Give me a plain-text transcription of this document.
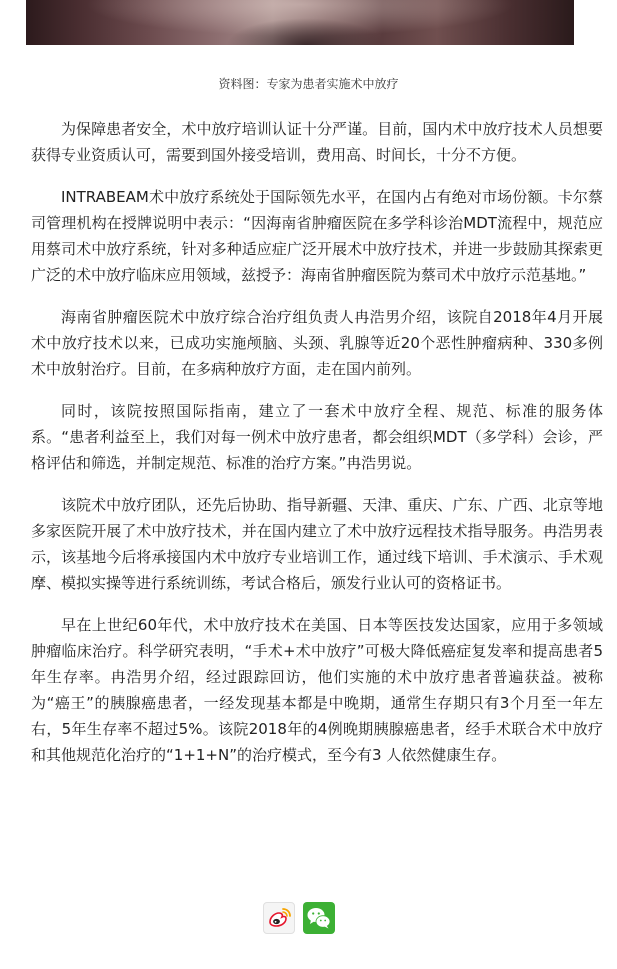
资料图：专家为患者实施术中放疗

为保障患者安全，术中放疗培训认证十分严谨。目前，国内术中放疗技术人员想要获得专业资质认可，需要到国外接受培训，费用高、时间长，十分不方便。

INTRABEAM术中放疗系统处于国际领先水平，在国内占有绝对市场份额。卡尔蔡司管理机构在授牌说明中表示：“因海南省肿瘤医院在多学科诊治MDT流程中，规范应用蔡司术中放疗系统，针对多种适应症广泛开展术中放疗技术，并进一步鼓励其探索更广泛的术中放疗临床应用领域，兹授予：海南省肿瘤医院为蔡司术中放疗示范基地。”

海南省肿瘤医院术中放疗综合治疗组负责人冉浩男介绍，该院自2018年4月开展术中放疗技术以来，已成功实施颅脑、头颈、乳腺等近20个恶性肿瘤病种、330多例术中放射治疗。目前，在多病种放疗方面，走在国内前列。

同时，该院按照国际指南，建立了一套术中放疗全程、规范、标准的服务体系。“患者利益至上，我们对每一例术中放疗患者，都会组织MDT（多学科）会诊，严格评估和筛选，并制定规范、标准的治疗方案。”冉浩男说。

该院术中放疗团队，还先后协助、指导新疆、天津、重庆、广东、广西、北京等地多家医院开展了术中放疗技术，并在国内建立了术中放疗远程技术指导服务。冉浩男表示，该基地今后将承接国内术中放疗专业培训工作，通过线下培训、手术演示、手术观摩、模拟实操等进行系统训练，考试合格后，颁发行业认可的资格证书。

早在上世纪60年代，术中放疗技术在美国、日本等医技发达国家，应用于多领域肿瘤临床治疗。科学研究表明，“手术+术中放疗”可极大降低癌症复发率和提高患者5年生存率。冉浩男介绍，经过跟踪回访，他们实施的术中放疗患者普遍获益。被称为“癌王”的胰腺癌患者，一经发现基本都是中晚期，通常生存期只有3个月至一年左右，5年生存率不超过5%。该院2018年的4例晚期胰腺癌患者，经手术联合术中放疗和其他规范化治疗的“1+1+N”的治疗模式，至今有3 人依然健康生存。
